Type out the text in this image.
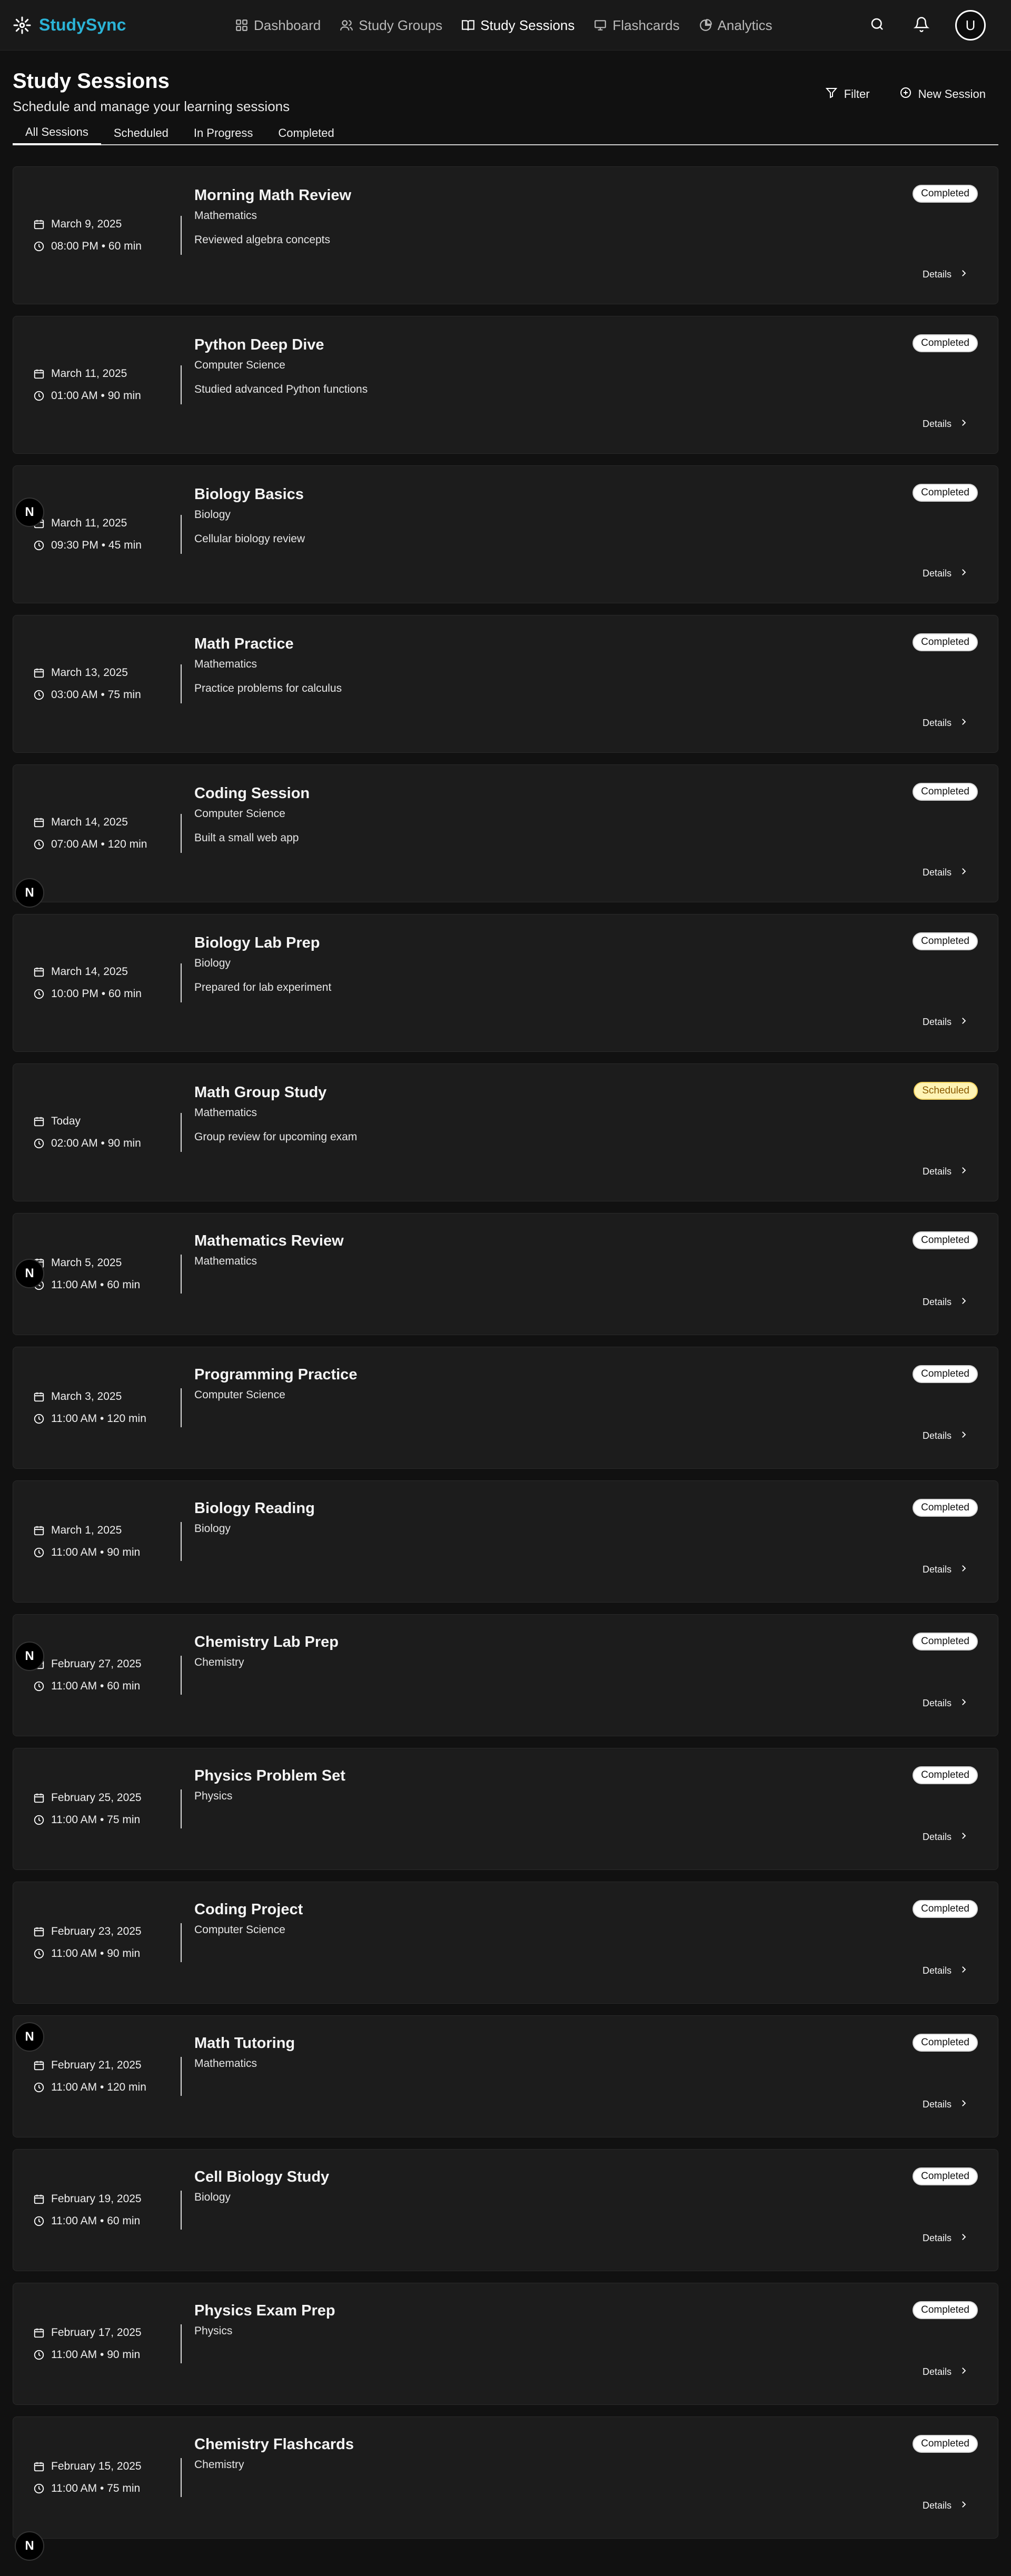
StudySync	Dashboard	Study Groups	Study Sessions	Flashcards	Analytics	U
Study Sessions
Schedule and manage your learning sessions
Filter	New Session
All Sessions	Scheduled	In Progress	Completed
March 9, 2025
08:00 PM • 60 min
Morning Math Review
Mathematics
Reviewed algebra concepts
Completed
Details
March 11, 2025
01:00 AM • 90 min
Python Deep Dive
Computer Science
Studied advanced Python functions
Completed
Details
March 11, 2025
09:30 PM • 45 min
Biology Basics
Biology
Cellular biology review
Completed
Details
March 13, 2025
03:00 AM • 75 min
Math Practice
Mathematics
Practice problems for calculus
Completed
Details
March 14, 2025
07:00 AM • 120 min
Coding Session
Computer Science
Built a small web app
Completed
Details
March 14, 2025
10:00 PM • 60 min
Biology Lab Prep
Biology
Prepared for lab experiment
Completed
Details
Today
02:00 AM • 90 min
Math Group Study
Mathematics
Group review for upcoming exam
Scheduled
Details
March 5, 2025
11:00 AM • 60 min
Mathematics Review
Mathematics
Completed
Details
March 3, 2025
11:00 AM • 120 min
Programming Practice
Computer Science
Completed
Details
March 1, 2025
11:00 AM • 90 min
Biology Reading
Biology
Completed
Details
February 27, 2025
11:00 AM • 60 min
Chemistry Lab Prep
Chemistry
Completed
Details
February 25, 2025
11:00 AM • 75 min
Physics Problem Set
Physics
Completed
Details
February 23, 2025
11:00 AM • 90 min
Coding Project
Computer Science
Completed
Details
February 21, 2025
11:00 AM • 120 min
Math Tutoring
Mathematics
Completed
Details
February 19, 2025
11:00 AM • 60 min
Cell Biology Study
Biology
Completed
Details
February 17, 2025
11:00 AM • 90 min
Physics Exam Prep
Physics
Completed
Details
February 15, 2025
11:00 AM • 75 min
Chemistry Flashcards
Chemistry
Completed
Details
N
N
N
N
N
N
